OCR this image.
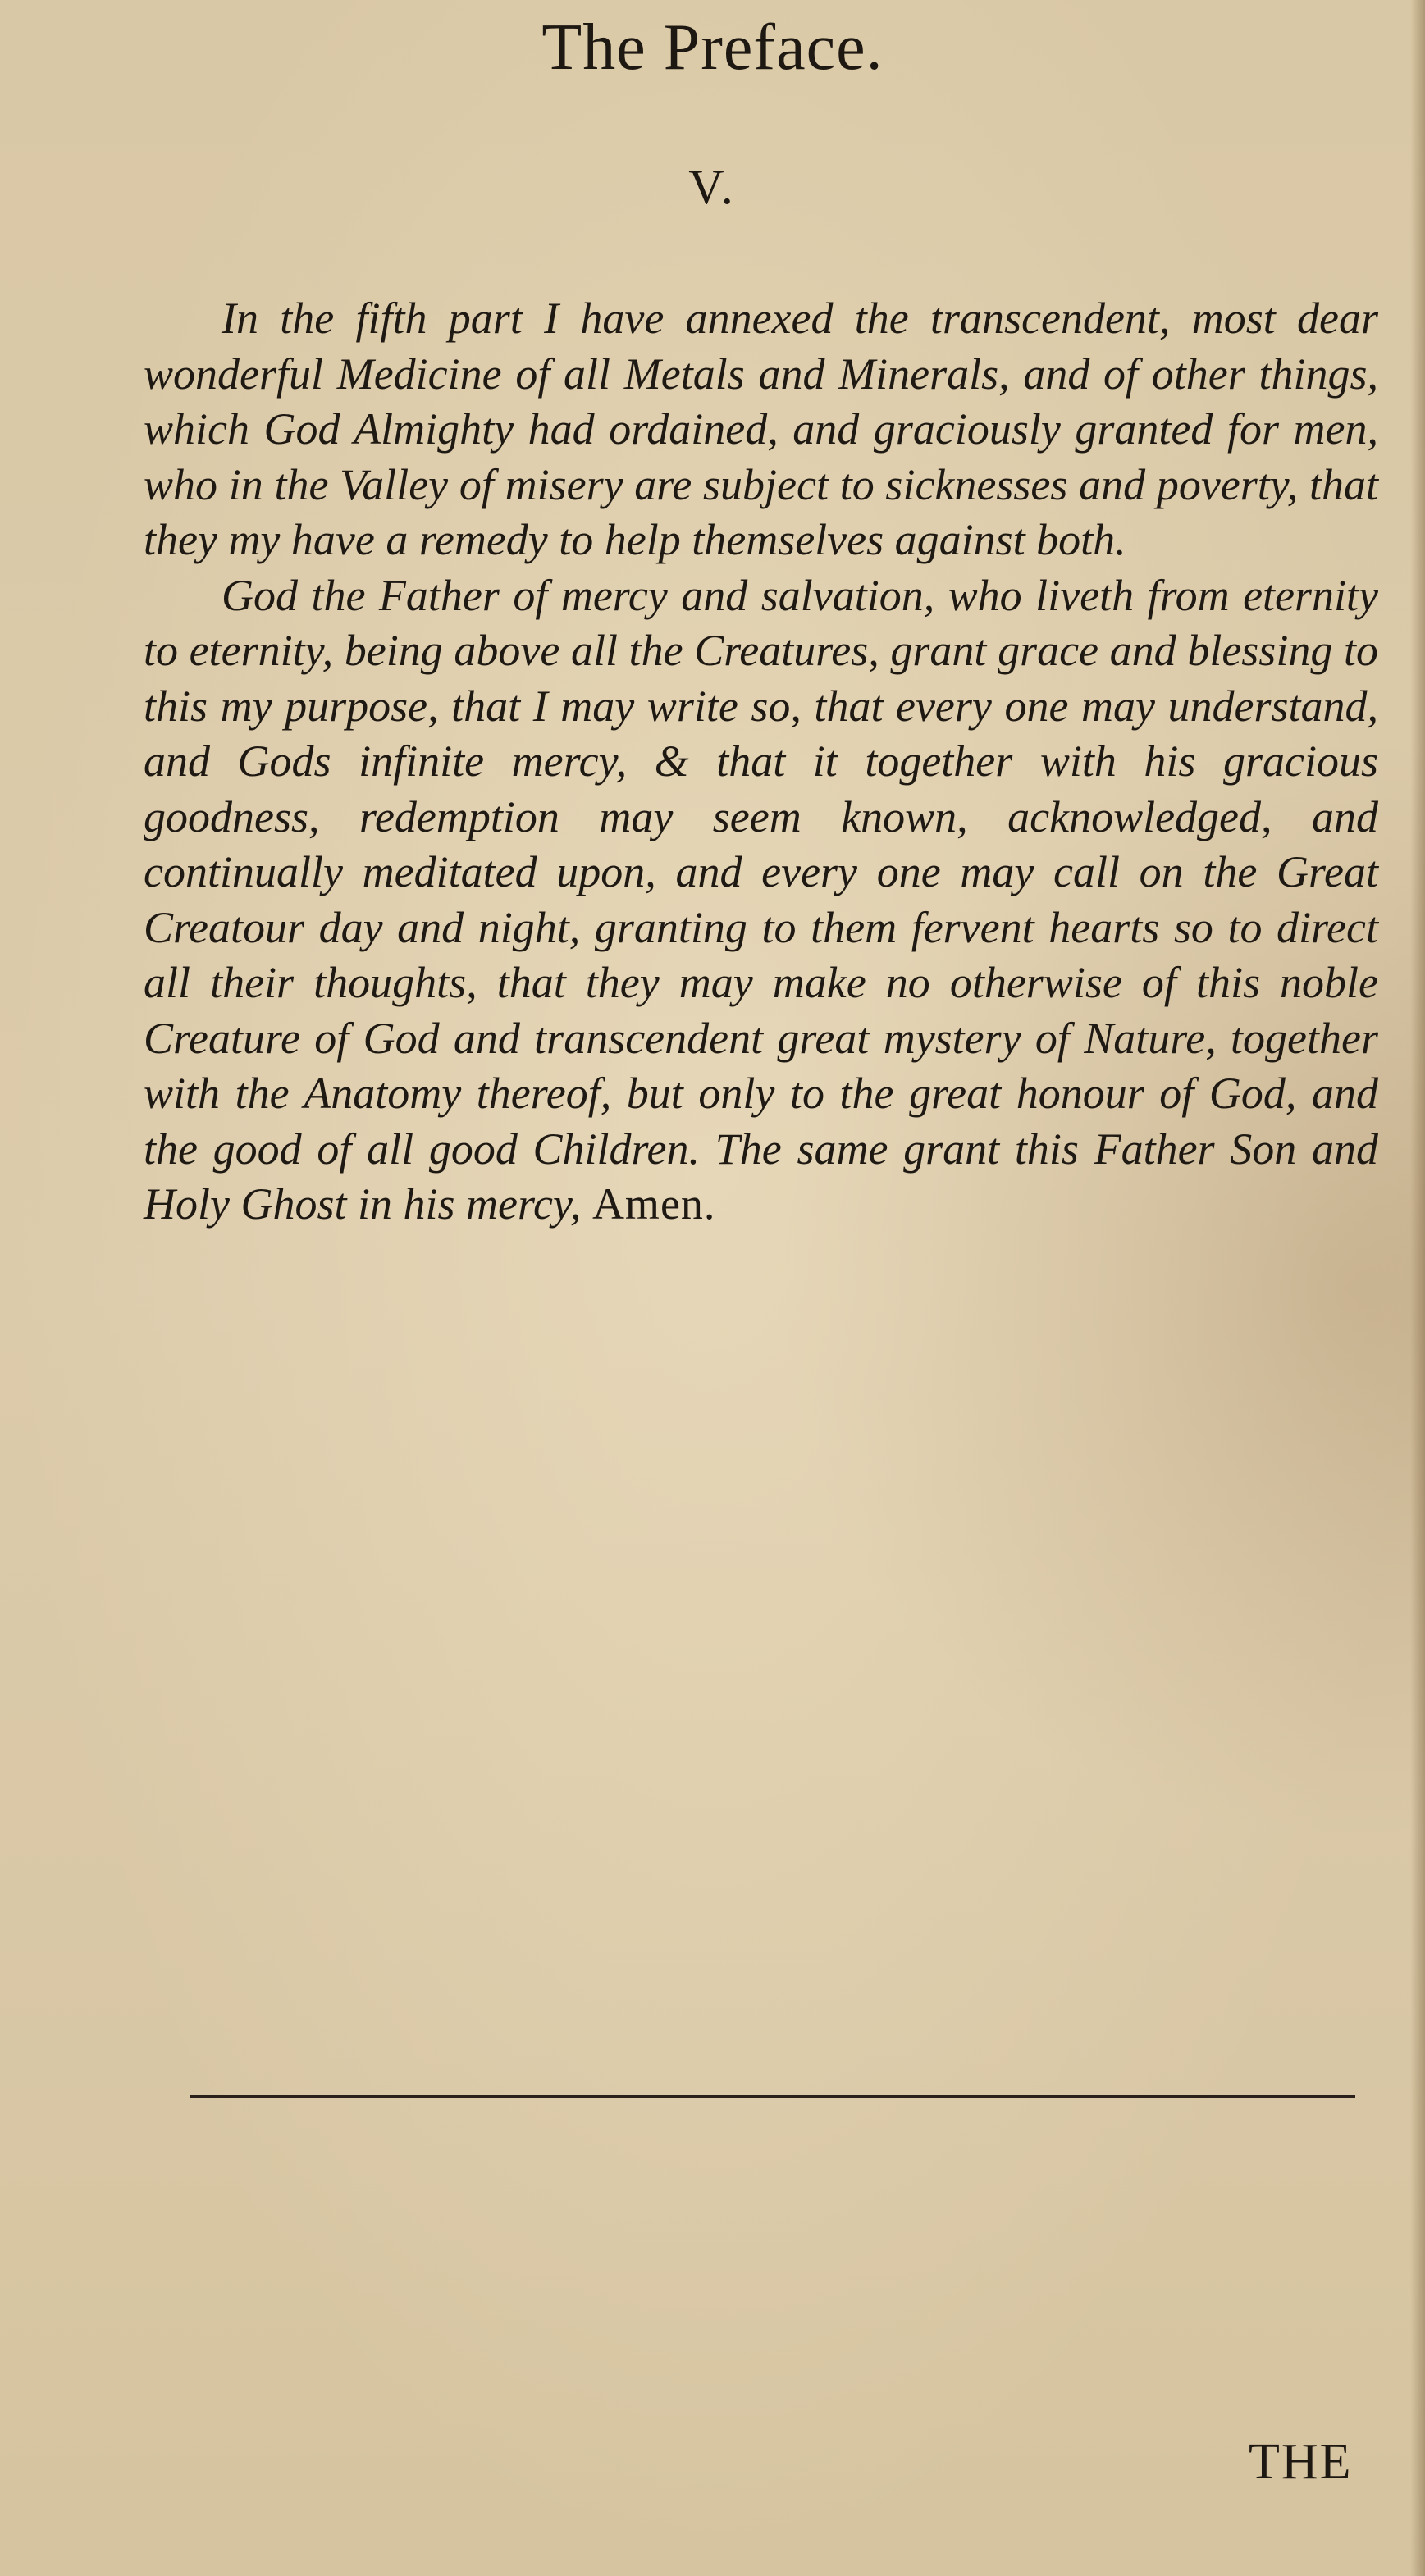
The Preface.
V.

In the fifth part I have annexed the transcendent, most dear wonderful Medicine of all Metals and Minerals, and of other things, which God Almighty had ordained, and graciously granted for men, who in the Valley of misery are subject to sicknesses and poverty, that they my have a remedy to help themselves against both.

God the Father of mercy and salvation, who liveth from eternity to eternity, being above all the Creatures, grant grace and blessing to this my purpose, that I may write so, that every one may understand, and Gods infinite mercy, & that it together with his gracious goodness, redemption may seem known, acknowledged, and continually meditated upon, and every one may call on the Great Creatour day and night, granting to them fervent hearts so to direct all their thoughts, that they may make no otherwise of this noble Creature of God and transcendent great mystery of Nature, together with the Anatomy thereof, but only to the great honour of God, and the good of all good Children. The same grant this Father Son and Holy Ghost in his mercy, Amen.

THE
